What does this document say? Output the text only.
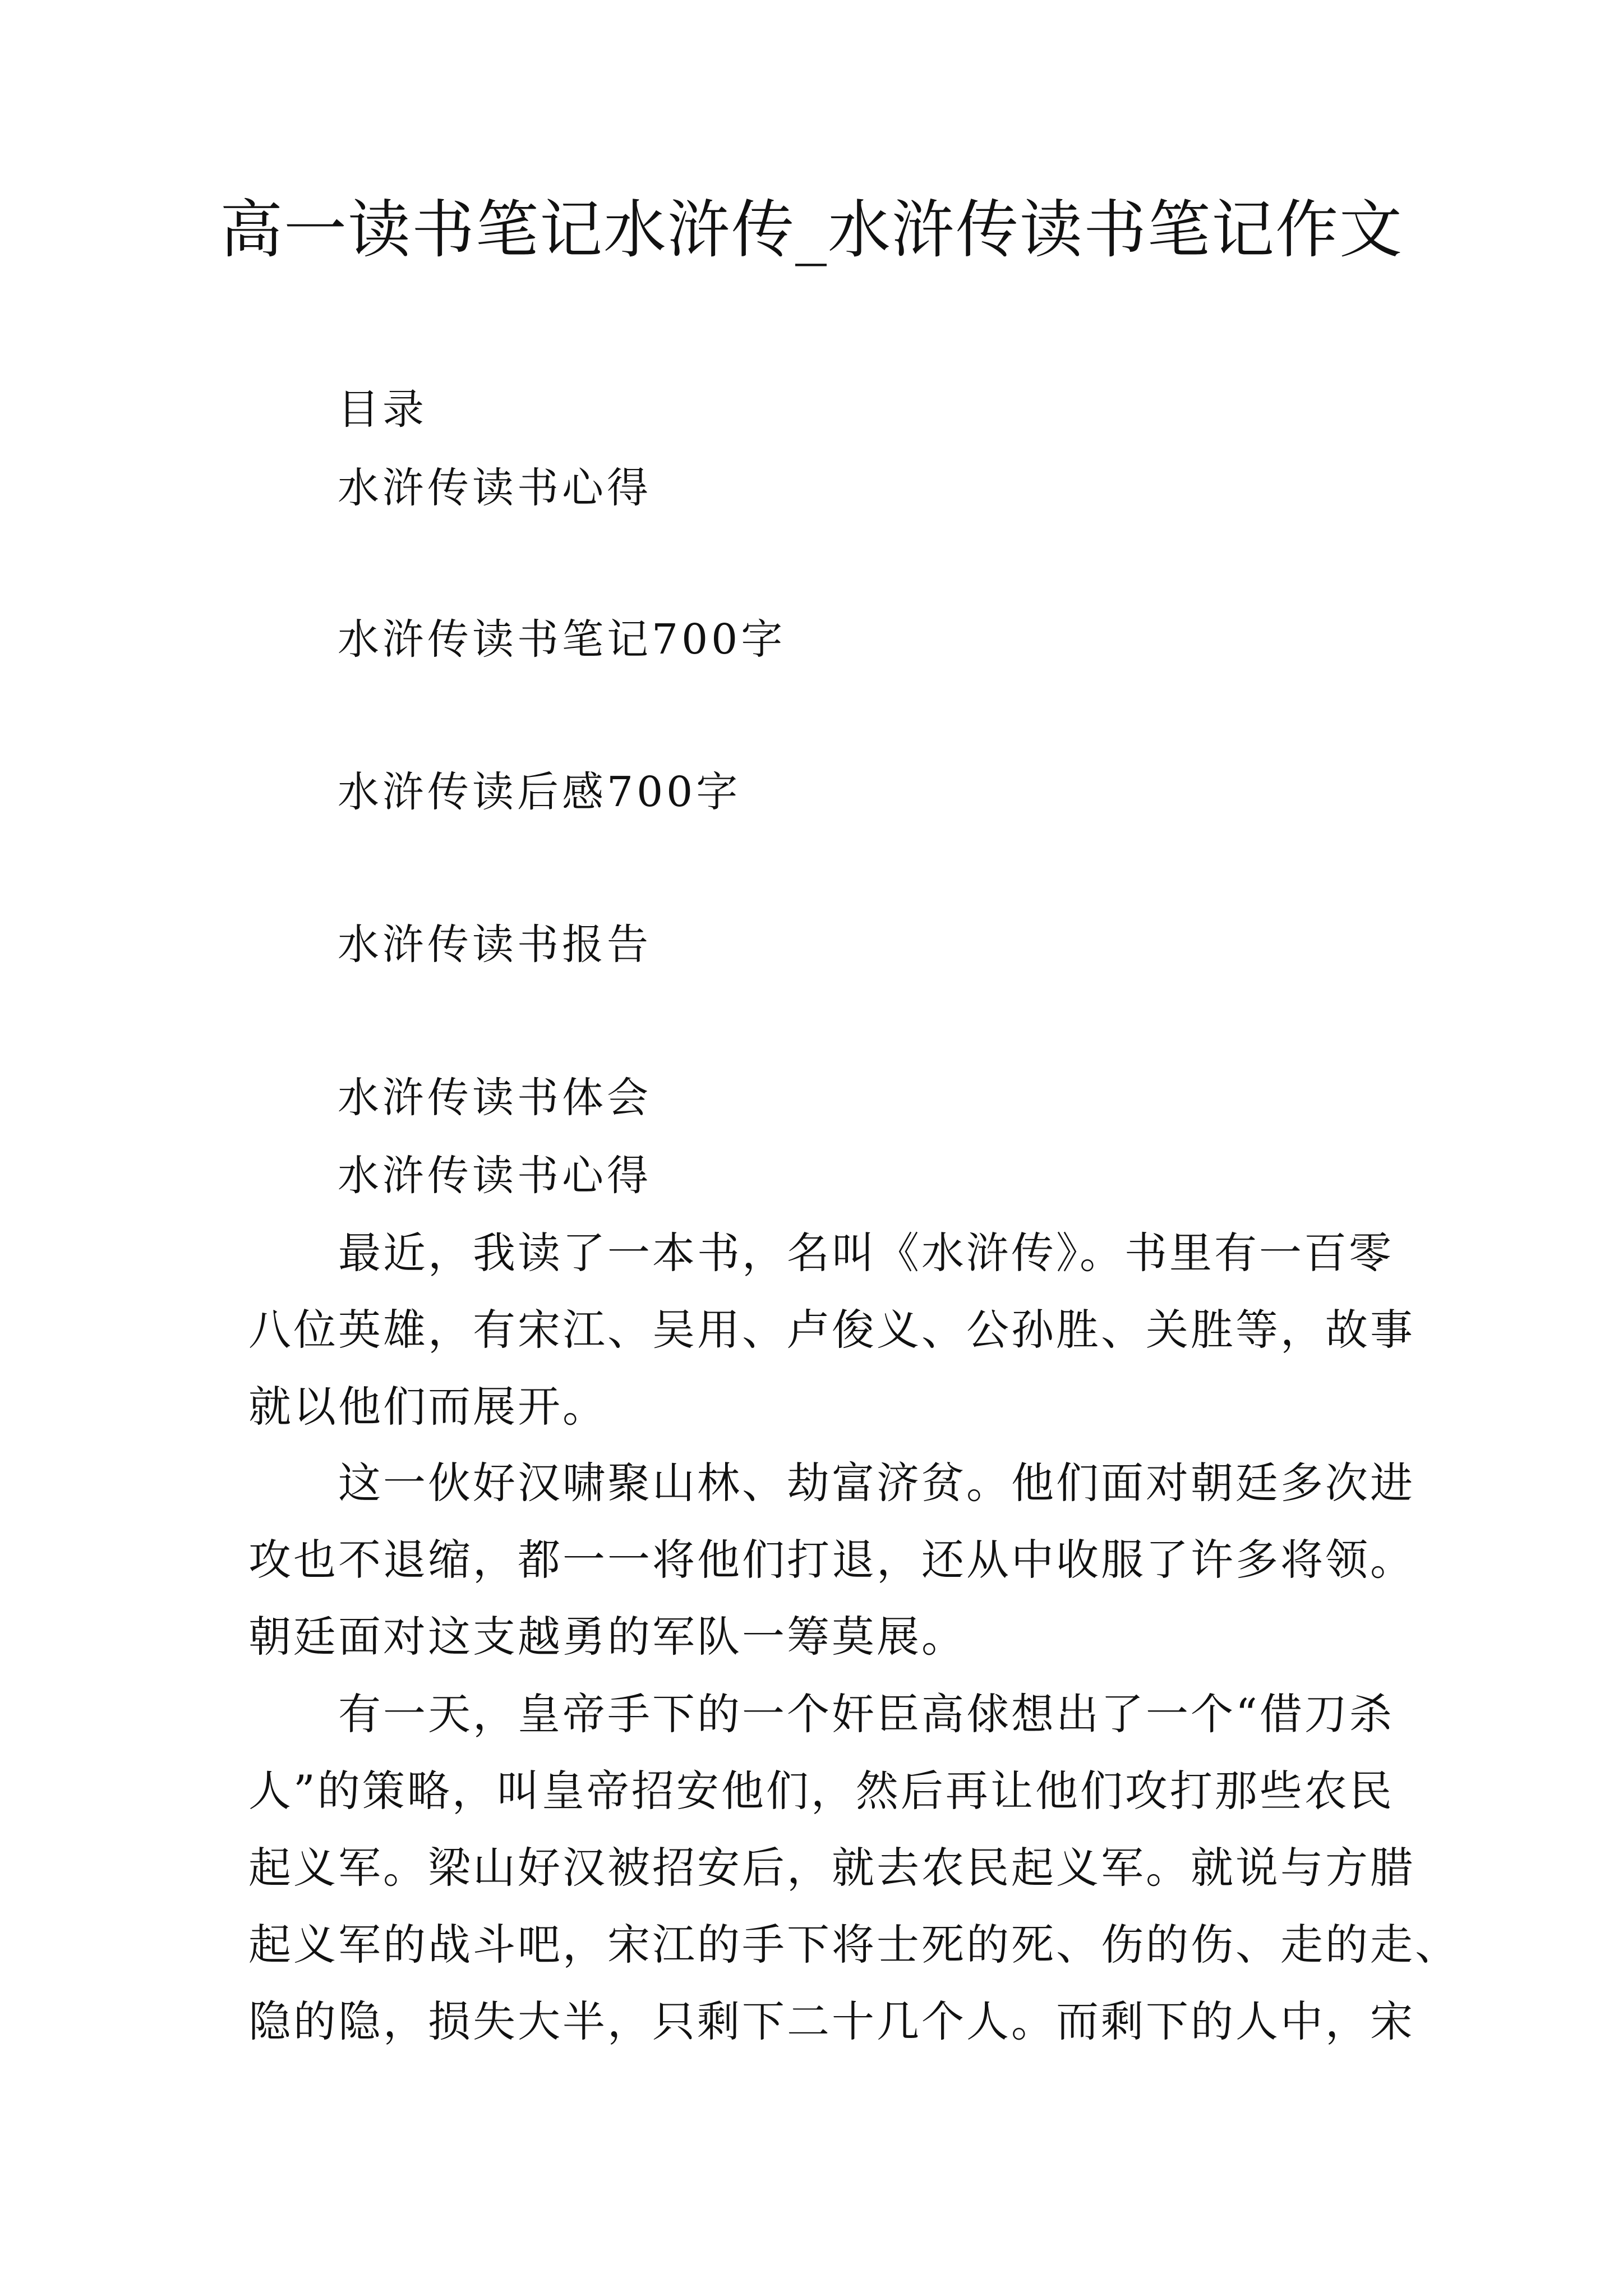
高一读书笔记水浒传_水浒传读书笔记作文
目录
水浒传读书心得
水浒传读书笔记700字
水浒传读后感700字
水浒传读书报告
水浒传读书体会
水浒传读书心得
最近，我读了一本书，名叫《水浒传》。书里有一百零
八位英雄，有宋江、吴用、卢俊义、公孙胜、关胜等，故事
就以他们而展开。
这一伙好汉啸聚山林、劫富济贫。他们面对朝廷多次进
攻也不退缩，都一一将他们打退，还从中收服了许多将领。
朝廷面对这支越勇的军队一筹莫展。
有一天，皇帝手下的一个奸臣高俅想出了一个“借刀杀
人”的策略，叫皇帝招安他们，然后再让他们攻打那些农民
起义军。梁山好汉被招安后，就去农民起义军。就说与方腊
起义军的战斗吧，宋江的手下将士死的死、伤的伤、走的走、
隐的隐，损失大半，只剩下二十几个人。而剩下的人中，宋
